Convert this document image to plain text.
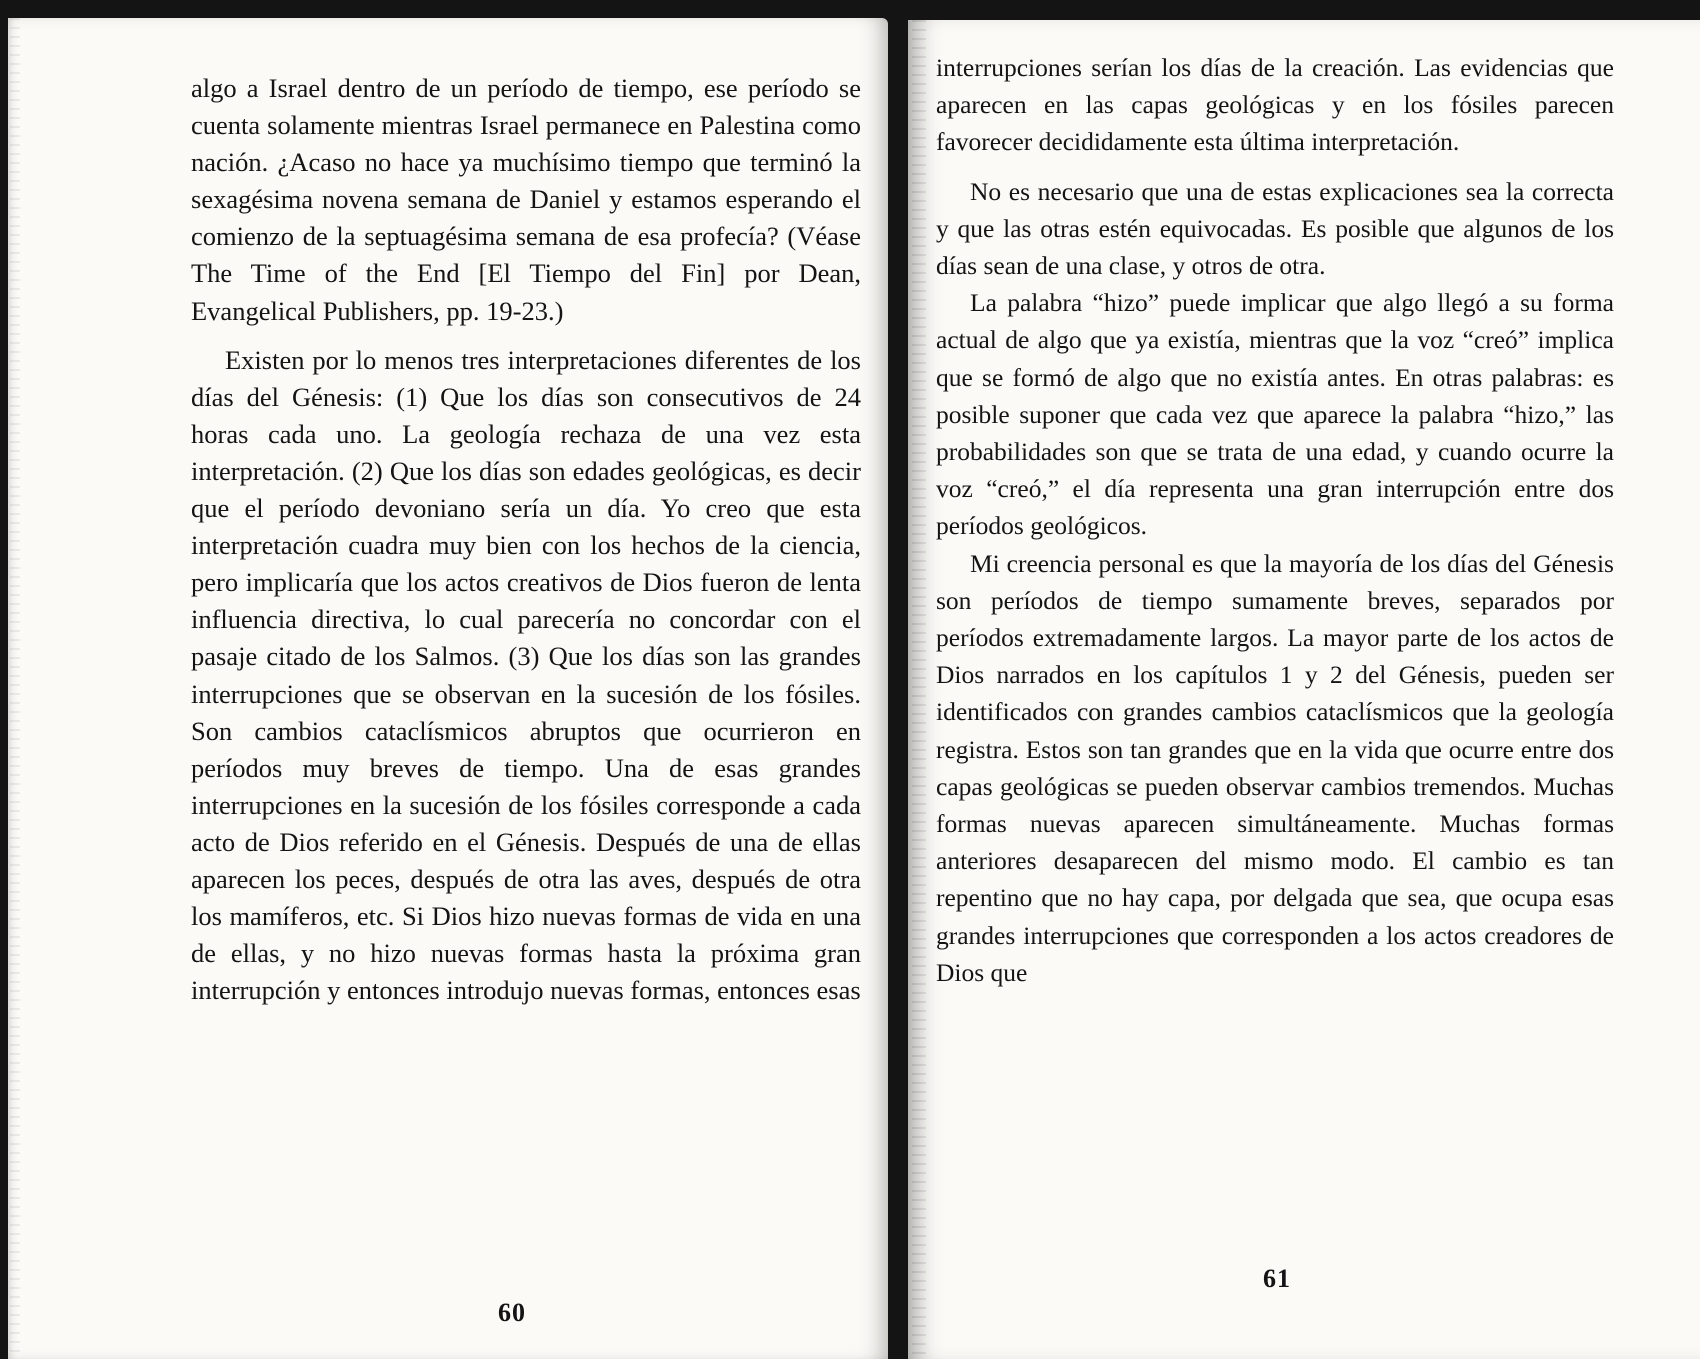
algo a Israel dentro de un período de tiempo, ese período se cuenta solamente mientras Israel permanece en Palestina como nación. ¿Acaso no hace ya muchísimo tiempo que terminó la sexagésima novena semana de Daniel y estamos esperando el comienzo de la septuagésima semana de esa profecía? (Véase The Time of the End [El Tiempo del Fin] por Dean, Evangelical Publishers, pp. 19-23.)

Existen por lo menos tres interpretaciones diferentes de los días del Génesis: (1) Que los días son consecutivos de 24 horas cada uno. La geología rechaza de una vez esta interpretación. (2) Que los días son edades geológicas, es decir que el período devoniano sería un día. Yo creo que esta interpretación cuadra muy bien con los hechos de la ciencia, pero implicaría que los actos creativos de Dios fueron de lenta influencia directiva, lo cual parecería no concordar con el pasaje citado de los Salmos. (3) Que los días son las grandes interrupciones que se observan en la sucesión de los fósiles. Son cambios cataclísmicos abruptos que ocurrieron en períodos muy breves de tiempo. Una de esas grandes interrupciones en la sucesión de los fósiles corresponde a cada acto de Dios referido en el Génesis. Después de una de ellas aparecen los peces, después de otra las aves, después de otra los mamíferos, etc. Si Dios hizo nuevas formas de vida en una de ellas, y no hizo nuevas formas hasta la próxima gran interrupción y entonces introdujo nuevas formas, entonces esas

60

interrupciones serían los días de la creación. Las evidencias que aparecen en las capas geológicas y en los fósiles parecen favorecer decididamente esta última interpretación.

No es necesario que una de estas explicaciones sea la correcta y que las otras estén equivocadas. Es posible que algunos de los días sean de una clase, y otros de otra.

La palabra “hizo” puede implicar que algo llegó a su forma actual de algo que ya existía, mientras que la voz “creó” implica que se formó de algo que no existía antes. En otras palabras: es posible suponer que cada vez que aparece la palabra “hizo,” las probabilidades son que se trata de una edad, y cuando ocurre la voz “creó,” el día representa una gran interrupción entre dos períodos geológicos.

Mi creencia personal es que la mayoría de los días del Génesis son períodos de tiempo sumamente breves, separados por períodos extremadamente largos. La mayor parte de los actos de Dios narrados en los capítulos 1 y 2 del Génesis, pueden ser identificados con grandes cambios cataclísmicos que la geología registra. Estos son tan grandes que en la vida que ocurre entre dos capas geológicas se pueden observar cambios tremendos. Muchas formas nuevas aparecen simultáneamente. Muchas formas anteriores desaparecen del mismo modo. El cambio es tan repentino que no hay capa, por delgada que sea, que ocupa esas grandes interrupciones que corresponden a los actos creadores de Dios que

61
